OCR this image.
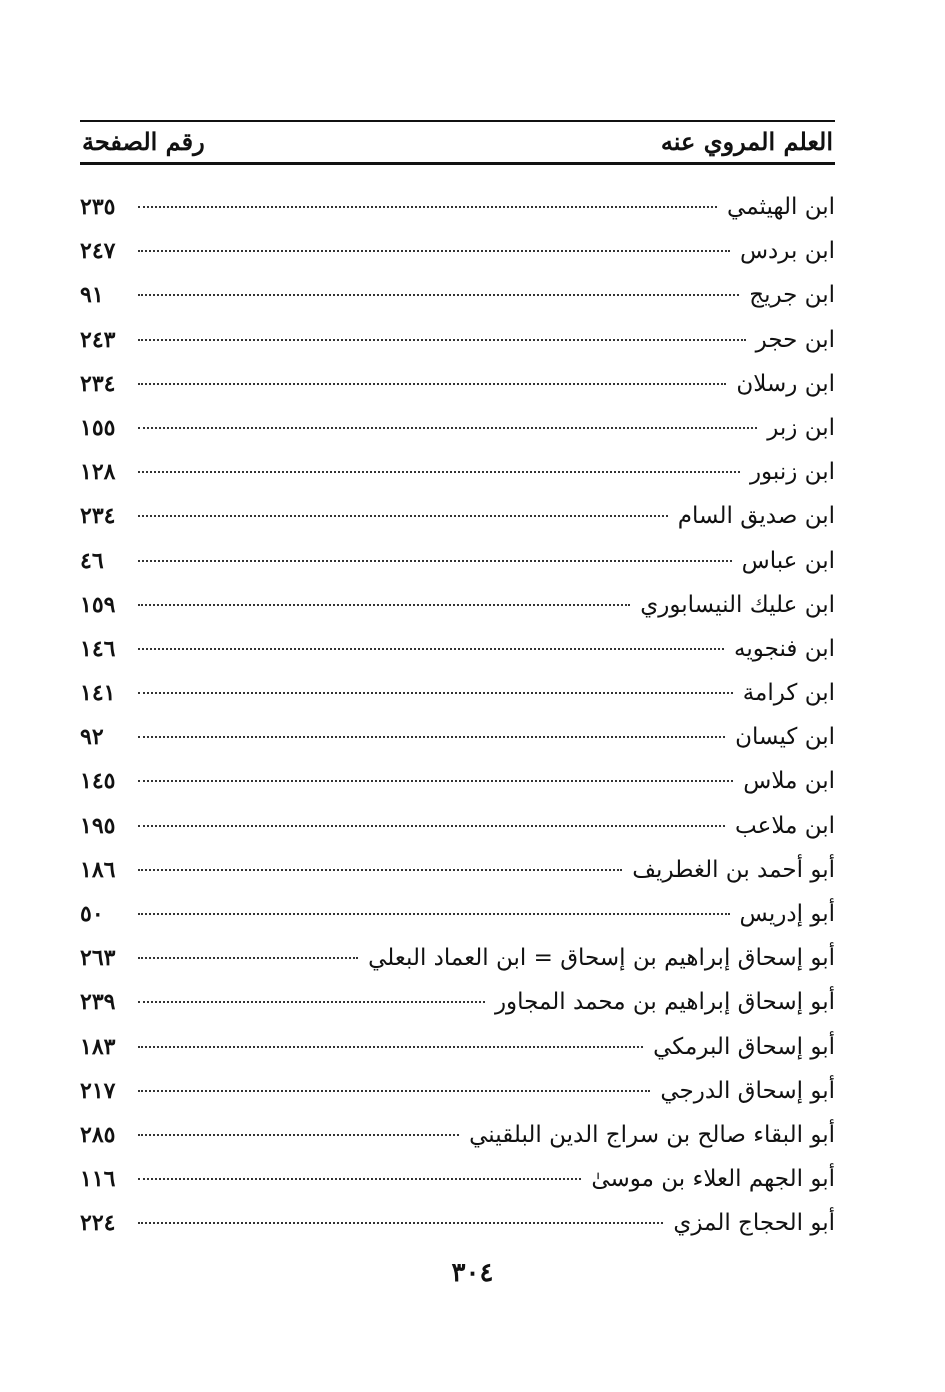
العلم المروي عنه
رقم الصفحة
ابن الهيثمي
٢٣٥
ابن بردس
٢٤٧
ابن جريج
٩١
ابن حجر
٢٤٣
ابن رسلان
٢٣٤
ابن زبر
١٥٥
ابن زنبور
١٢٨
ابن صديق السام
٢٣٤
ابن عباس
٤٦
ابن عليك النيسابوري
١٥٩
ابن فنجويه
١٤٦
ابن كرامة
١٤١
ابن كيسان
٩٢
ابن ملاس
١٤٥
ابن ملاعب
١٩٥
أبو أحمد بن الغطريف
١٨٦
أبو إدريس
٥٠
أبو إسحاق إبراهيم بن إسحاق = ابن العماد البعلي
٢٦٣
أبو إسحاق إبراهيم بن محمد المجاور
٢٣٩
أبو إسحاق البرمكي
١٨٣
أبو إسحاق الدرجي
٢١٧
أبو البقاء صالح بن سراج الدين البلقيني
٢٨٥
أبو الجهم العلاء بن موسىٰ
١١٦
أبو الحجاج المزي
٢٢٤
٣٠٤
